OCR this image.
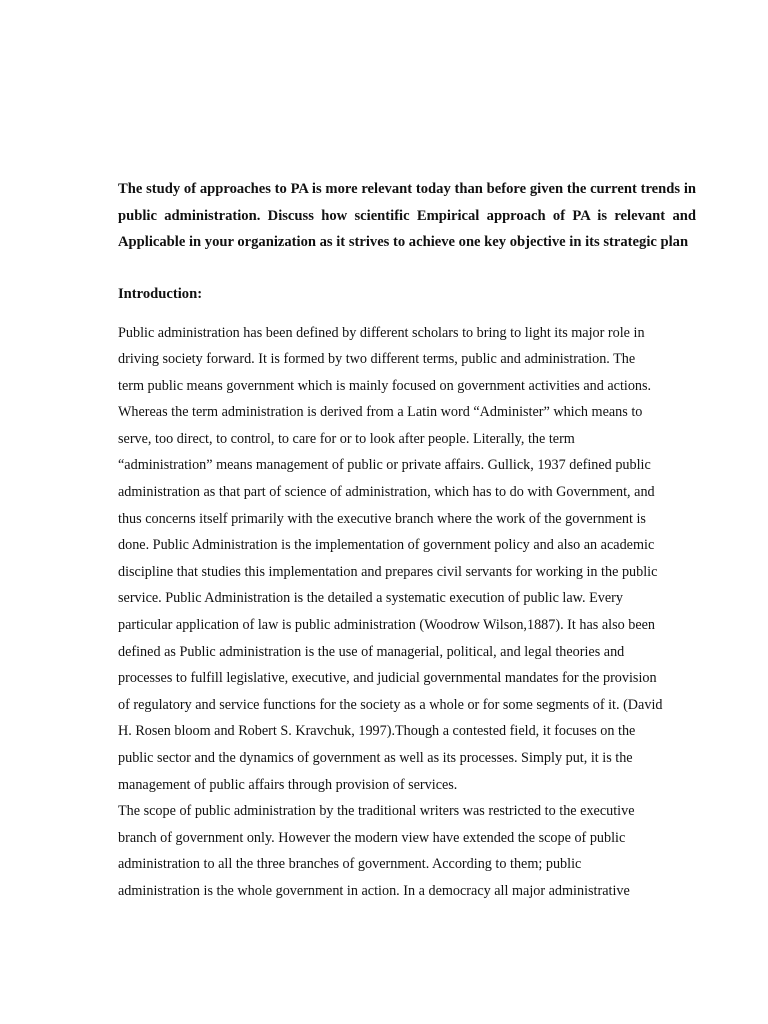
The study of approaches to PA is more relevant today than before given the current trends in public administration. Discuss how scientific Empirical approach of PA is relevant and Applicable in your organization as it strives to achieve one key objective in its strategic plan

Introduction:

Public administration has been defined by different scholars to bring to light its major role in
driving society forward. It is formed by two different terms, public and administration. The
term public means government which is mainly focused on government activities and actions.
Whereas the term administration is derived from a Latin word “Administer” which means to
serve, too direct, to control, to care for or to look after people. Literally, the term
“administration” means management of public or private affairs. Gullick, 1937 defined public
administration as that part of science of administration, which has to do with Government, and
thus concerns itself primarily with the executive branch where the work of the government is
done. Public Administration is the implementation of government policy and also an academic
discipline that studies this implementation and prepares civil servants for working in the public
service. Public Administration is the detailed a systematic execution of public law. Every
particular application of law is public administration (Woodrow Wilson,1887). It has also been
defined as Public administration is the use of managerial, political, and legal theories and
processes to fulfill legislative, executive, and judicial governmental mandates for the provision
of regulatory and service functions for the society as a whole or for some segments of it. (David
H. Rosen bloom and Robert S. Kravchuk, 1997).Though a contested field, it focuses on the
public sector and the dynamics of government as well as its processes. Simply put, it is the
management of public affairs through provision of services.

The scope of public administration by the traditional writers was restricted to the executive
branch of government only. However the modern view have extended the scope of public
administration to all the three branches of government. According to them; public
administration is the whole government in action. In a democracy all major administrative
